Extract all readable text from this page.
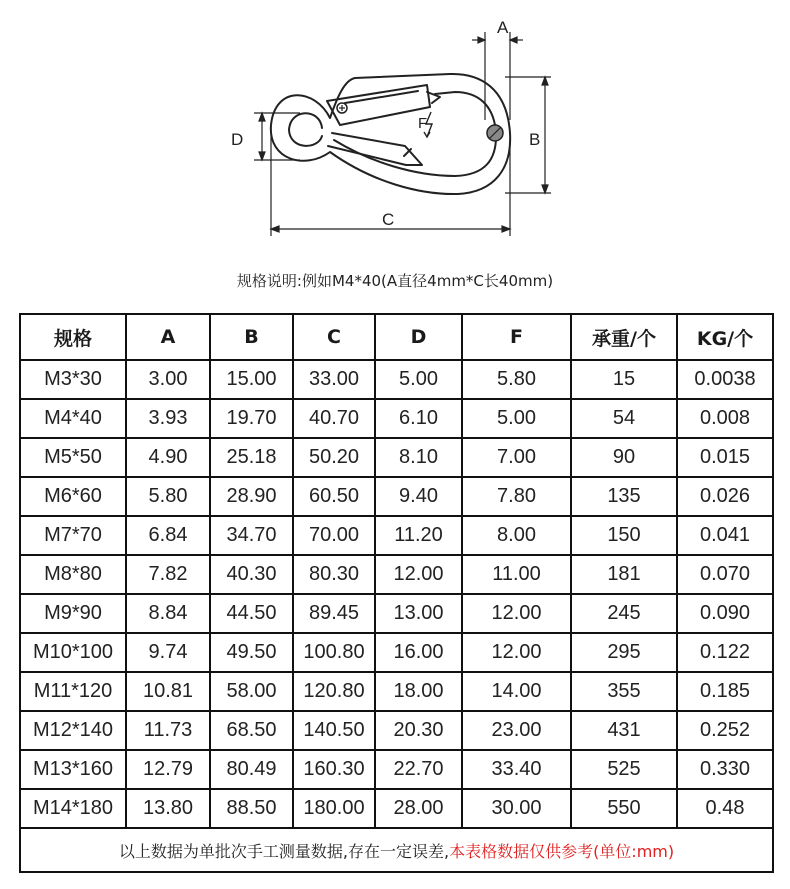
F
A
B
C
D
规格说明:例如M4*40(A直径4mm*C长40mm)
规格	A	B	C	D	F	承重/个	KG/个
M3*30	3.00	15.00	33.00	5.00	5.80	15	0.0038
M4*40	3.93	19.70	40.70	6.10	5.00	54	0.008
M5*50	4.90	25.18	50.20	8.10	7.00	90	0.015
M6*60	5.80	28.90	60.50	9.40	7.80	135	0.026
M7*70	6.84	34.70	70.00	11.20	8.00	150	0.041
M8*80	7.82	40.30	80.30	12.00	11.00	181	0.070
M9*90	8.84	44.50	89.45	13.00	12.00	245	0.090
M10*100	9.74	49.50	100.80	16.00	12.00	295	0.122
M11*120	10.81	58.00	120.80	18.00	14.00	355	0.185
M12*140	11.73	68.50	140.50	20.30	23.00	431	0.252
M13*160	12.79	80.49	160.30	22.70	33.40	525	0.330
M14*180	13.80	88.50	180.00	28.00	30.00	550	0.48
以上数据为单批次手工测量数据,存在一定误差,本表格数据仅供参考(单位:mm)							
